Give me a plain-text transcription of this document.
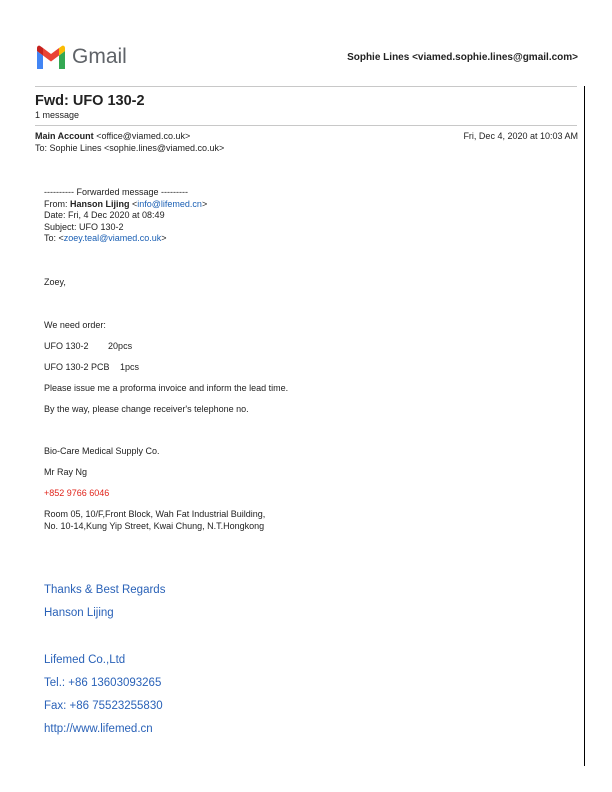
Gmail	Sophie Lines <viamed.sophie.lines@gmail.com>
Fwd: UFO 130-2
1 message
Main Account <office@viamed.co.uk>	Fri, Dec 4, 2020 at 10:03 AM
To: Sophie Lines <sophie.lines@viamed.co.uk>
---------- Forwarded message ---------
From: Hanson Lijing <info@lifemed.cn>
Date: Fri, 4 Dec 2020 at 08:49
Subject: UFO 130-2
To: <zoey.teal@viamed.co.uk>
Zoey,
We need order:
UFO 130-2 20pcs
UFO 130-2 PCB 1pcs
Please issue me a proforma invoice and inform the lead time.
By the way, please change receiver's telephone no.
Bio-Care Medical Supply Co.
Mr Ray Ng
+852 9766 6046
Room 05, 10/F,Front Block, Wah Fat Industrial Building,
No. 10-14,Kung Yip Street, Kwai Chung, N.T.Hongkong
Thanks & Best Regards
Hanson Lijing
Lifemed Co.,Ltd
Tel.: +86 13603093265
Fax: +86 75523255830
http://www.lifemed.cn
